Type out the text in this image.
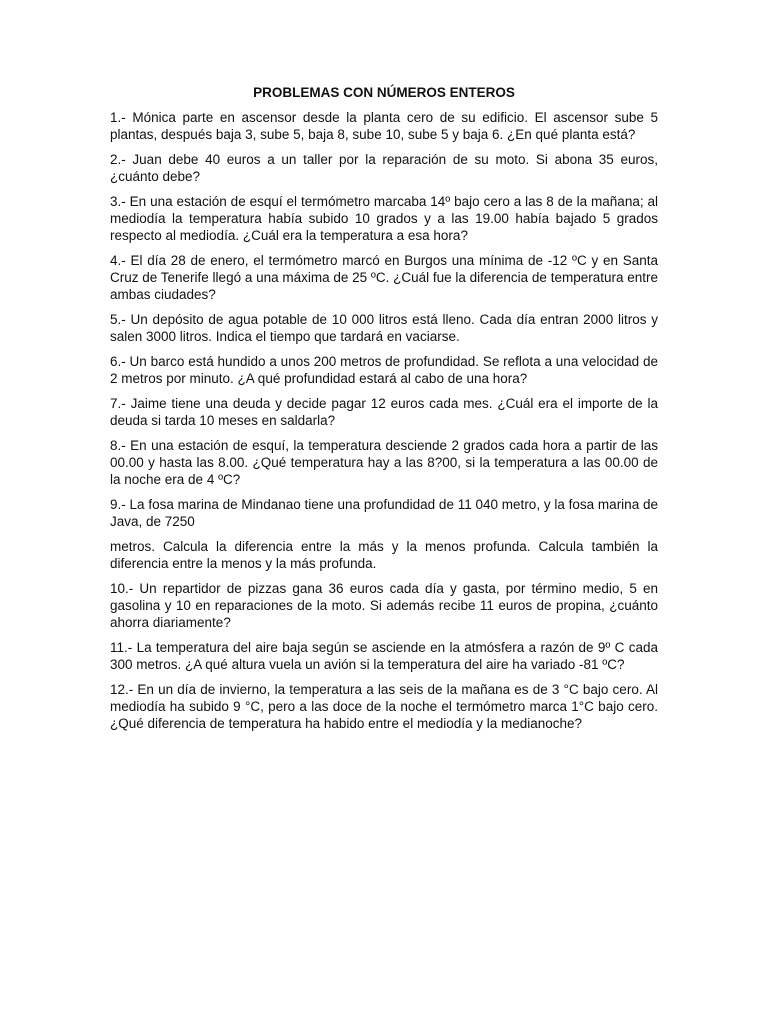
PROBLEMAS CON NÚMEROS ENTEROS

1.- Mónica parte en ascensor desde la planta cero de su edificio. El ascensor sube 5 plantas, después baja 3, sube 5, baja 8, sube 10, sube 5 y baja 6. ¿En qué planta está?

2.- Juan debe 40 euros a un taller por la reparación de su moto. Si abona 35 euros, ¿cuánto debe?

3.- En una estación de esquí el termómetro marcaba 14º bajo cero a las 8 de la mañana; al mediodía la temperatura había subido 10 grados y a las 19.00 había bajado 5 grados respecto al mediodía. ¿Cuál era la temperatura a esa hora?

4.- El día 28 de enero, el termómetro marcó en Burgos una mínima de -12 ºC y en Santa Cruz de Tenerife llegó a una máxima de 25 ºC. ¿Cuál fue la diferencia de temperatura entre ambas ciudades?

5.- Un depósito de agua potable de 10 000 litros está lleno. Cada día entran 2000 litros y salen 3000 litros. Indica el tiempo que tardará en vaciarse.

6.- Un barco está hundido a unos 200 metros de profundidad. Se reflota a una velocidad de 2 metros por minuto. ¿A qué profundidad estará al cabo de una hora?

7.- Jaime tiene una deuda y decide pagar 12 euros cada mes. ¿Cuál era el importe de la deuda si tarda 10 meses en saldarla?

8.- En una estación de esquí, la temperatura desciende 2 grados cada hora a partir de las 00.00 y hasta las 8.00. ¿Qué temperatura hay a las 8?00, si la temperatura a las 00.00 de la noche era de 4 ºC?

9.- La fosa marina de Mindanao tiene una profundidad de 11 040 metro, y la fosa marina de Java, de 7250

metros. Calcula la diferencia entre la más y la menos profunda. Calcula también la diferencia entre la menos y la más profunda.

10.- Un repartidor de pizzas gana 36 euros cada día y gasta, por término medio, 5 en gasolina y 10 en reparaciones de la moto. Si además recibe 11 euros de propina, ¿cuánto ahorra diariamente?

11.- La temperatura del aire baja según se asciende en la atmósfera a razón de 9º C cada 300 metros. ¿A qué altura vuela un avión si la temperatura del aire ha variado -81 ºC?

12.- En un día de invierno, la temperatura a las seis de la mañana es de 3 °C bajo cero. Al mediodía ha subido 9 °C, pero a las doce de la noche el termómetro marca 1°C bajo cero. ¿Qué diferencia de temperatura ha habido entre el mediodía y la medianoche?
